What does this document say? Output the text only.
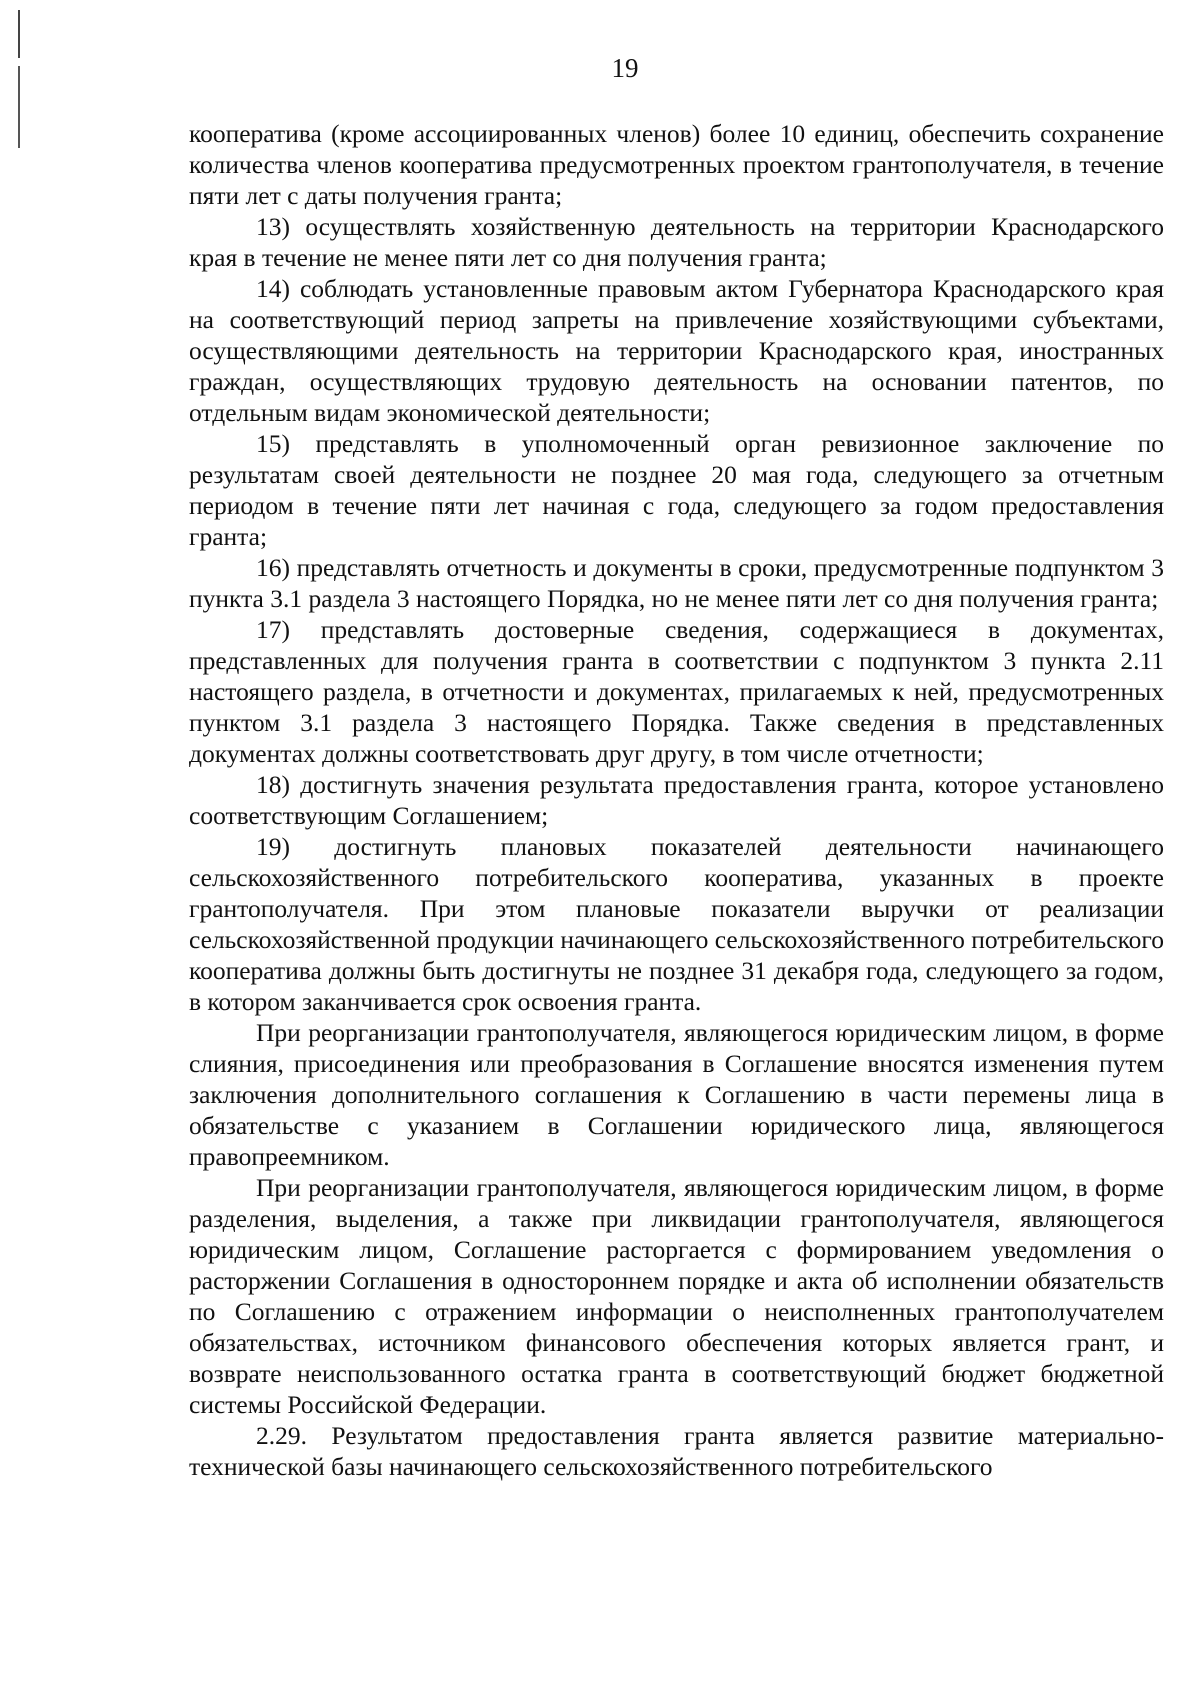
19

кооператива (кроме ассоциированных членов) более 10 единиц, обеспечить сохранение количества членов кооператива предусмотренных проектом грантополучателя, в течение пяти лет с даты получения гранта;

13) осуществлять хозяйственную деятельность на территории Краснодарского края в течение не менее пяти лет со дня получения гранта;

14) соблюдать установленные правовым актом Губернатора Краснодарского края на соответствующий период запреты на привлечение хозяйствующими субъектами, осуществляющими деятельность на территории Краснодарского края, иностранных граждан, осуществляющих трудовую деятельность на основании патентов, по отдельным видам экономической деятельности;

15) представлять в уполномоченный орган ревизионное заключение по результатам своей деятельности не позднее 20 мая года, следующего за отчетным периодом в течение пяти лет начиная с года, следующего за годом предоставления гранта;

16) представлять отчетность и документы в сроки, предусмотренные подпунктом 3 пункта 3.1 раздела 3 настоящего Порядка, но не менее пяти лет со дня получения гранта;

17) представлять достоверные сведения, содержащиеся в документах, представленных для получения гранта в соответствии с подпунктом 3 пункта 2.11 настоящего раздела, в отчетности и документах, прилагаемых к ней, предусмотренных пунктом 3.1 раздела 3 настоящего Порядка. Также сведения в представленных документах должны соответствовать друг другу, в том числе отчетности;

18) достигнуть значения результата предоставления гранта, которое установлено соответствующим Соглашением;

19) достигнуть плановых показателей деятельности начинающего сельскохозяйственного потребительского кооператива, указанных в проекте грантополучателя. При этом плановые показатели выручки от реализации сельскохозяйственной продукции начинающего сельскохозяйственного потребительского кооператива должны быть достигнуты не позднее 31 декабря года, следующего за годом, в котором заканчивается срок освоения гранта.

При реорганизации грантополучателя, являющегося юридическим лицом, в форме слияния, присоединения или преобразования в Соглашение вносятся изменения путем заключения дополнительного соглашения к Соглашению в части перемены лица в обязательстве с указанием в Соглашении юридического лица, являющегося правопреемником.

При реорганизации грантополучателя, являющегося юридическим лицом, в форме разделения, выделения, а также при ликвидации грантополучателя, являющегося юридическим лицом, Соглашение расторгается с формированием уведомления о расторжении Соглашения в одностороннем порядке и акта об исполнении обязательств по Соглашению с отражением информации о неисполненных грантополучателем обязательствах, источником финансового обеспечения которых является грант, и возврате неиспользованного остатка гранта в соответствующий бюджет бюджетной системы Российской Федерации.

2.29. Результатом предоставления гранта является развитие материально-технической базы начинающего сельскохозяйственного потребительского
